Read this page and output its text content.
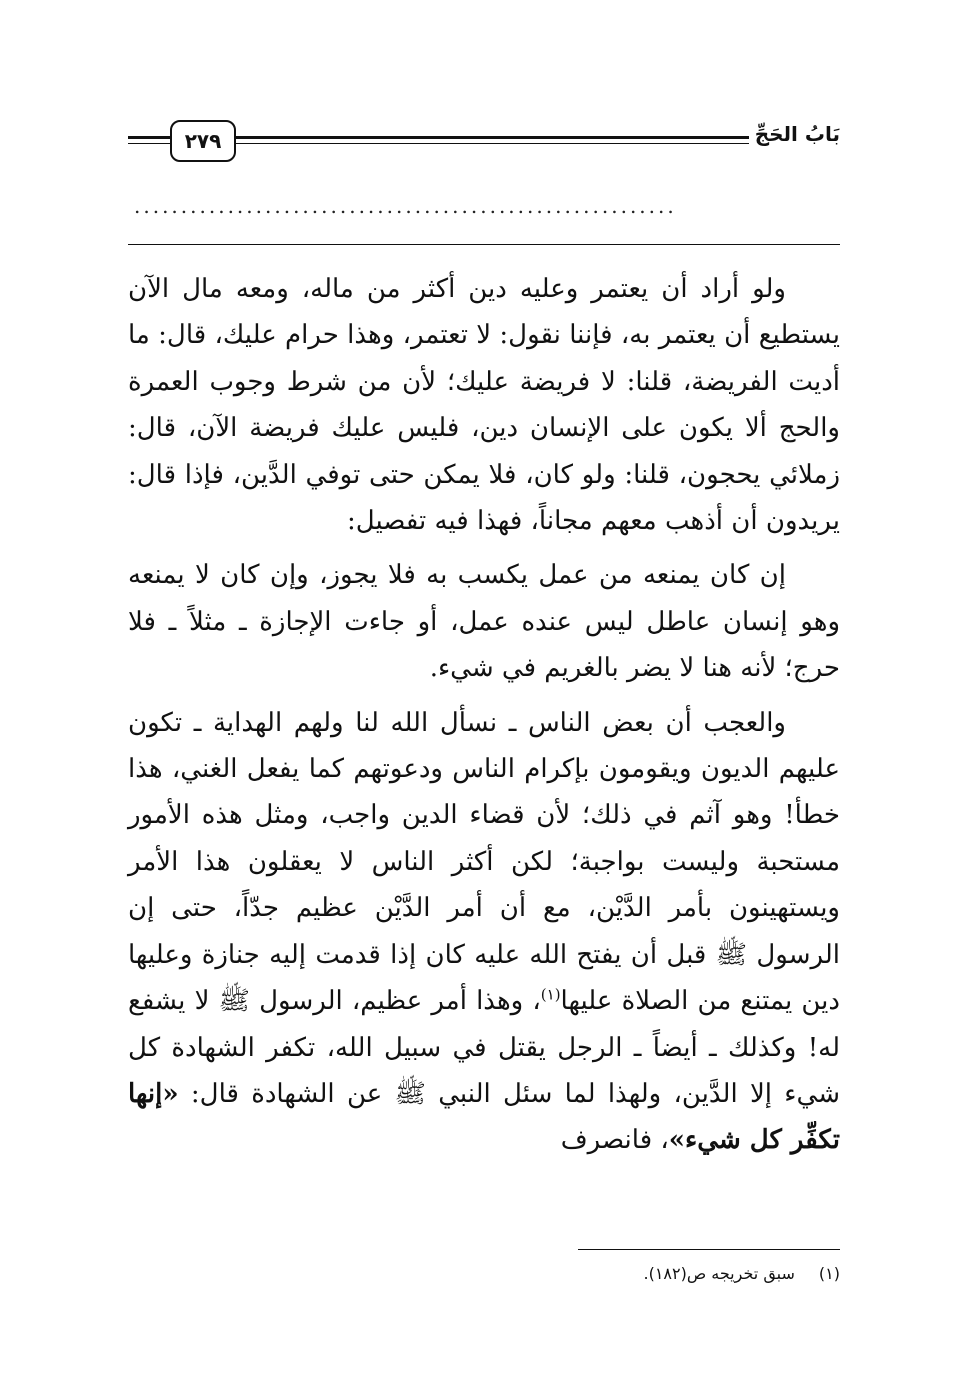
٢٧٩	بَابُ الحَجِّ
..........................................................

ولو أراد أن يعتمر وعليه دين أكثر من ماله، ومعه مال الآن يستطيع أن يعتمر به، فإننا نقول: لا تعتمر، وهذا حرام عليك، قال: ما أديت الفريضة، قلنا: لا فريضة عليك؛ لأن من شرط وجوب العمرة والحج ألا يكون على الإنسان دين، فليس عليك فريضة الآن، قال: زملائي يحجون، قلنا: ولو كان، فلا يمكن حتى توفي الدَّين، فإذا قال: يريدون أن أذهب معهم مجاناً، فهذا فيه تفصيل:

إن كان يمنعه من عمل يكسب به فلا يجوز، وإن كان لا يمنعه وهو إنسان عاطل ليس عنده عمل، أو جاءت الإجازة ـ مثلاً ـ فلا حرج؛ لأنه هنا لا يضر بالغريم في شيء.

والعجب أن بعض الناس ـ نسأل الله لنا ولهم الهداية ـ تكون عليهم الديون ويقومون بإكرام الناس ودعوتهم كما يفعل الغني، هذا خطأ! وهو آثم في ذلك؛ لأن قضاء الدين واجب، ومثل هذه الأمور مستحبة وليست بواجبة؛ لكن أكثر الناس لا يعقلون هذا الأمر ويستهينون بأمر الدَّيْن، مع أن أمر الدَّيْن عظيم جدّاً، حتى إن الرسول ﷺ قبل أن يفتح الله عليه كان إذا قدمت إليه جنازة وعليها دين يمتنع من الصلاة عليها$^{(١)}$، وهذا أمر عظيم، الرسول ﷺ لا يشفع له! وكذلك ـ أيضاً ـ الرجل يقتل في سبيل الله، تكفر الشهادة كل شيء إلا الدَّين، ولهذا لما سئل النبي ﷺ عن الشهادة قال: «إنها تكفِّر كل شيء»، فانصرف

(١)سبق تخريجه ص(١٨٢).
